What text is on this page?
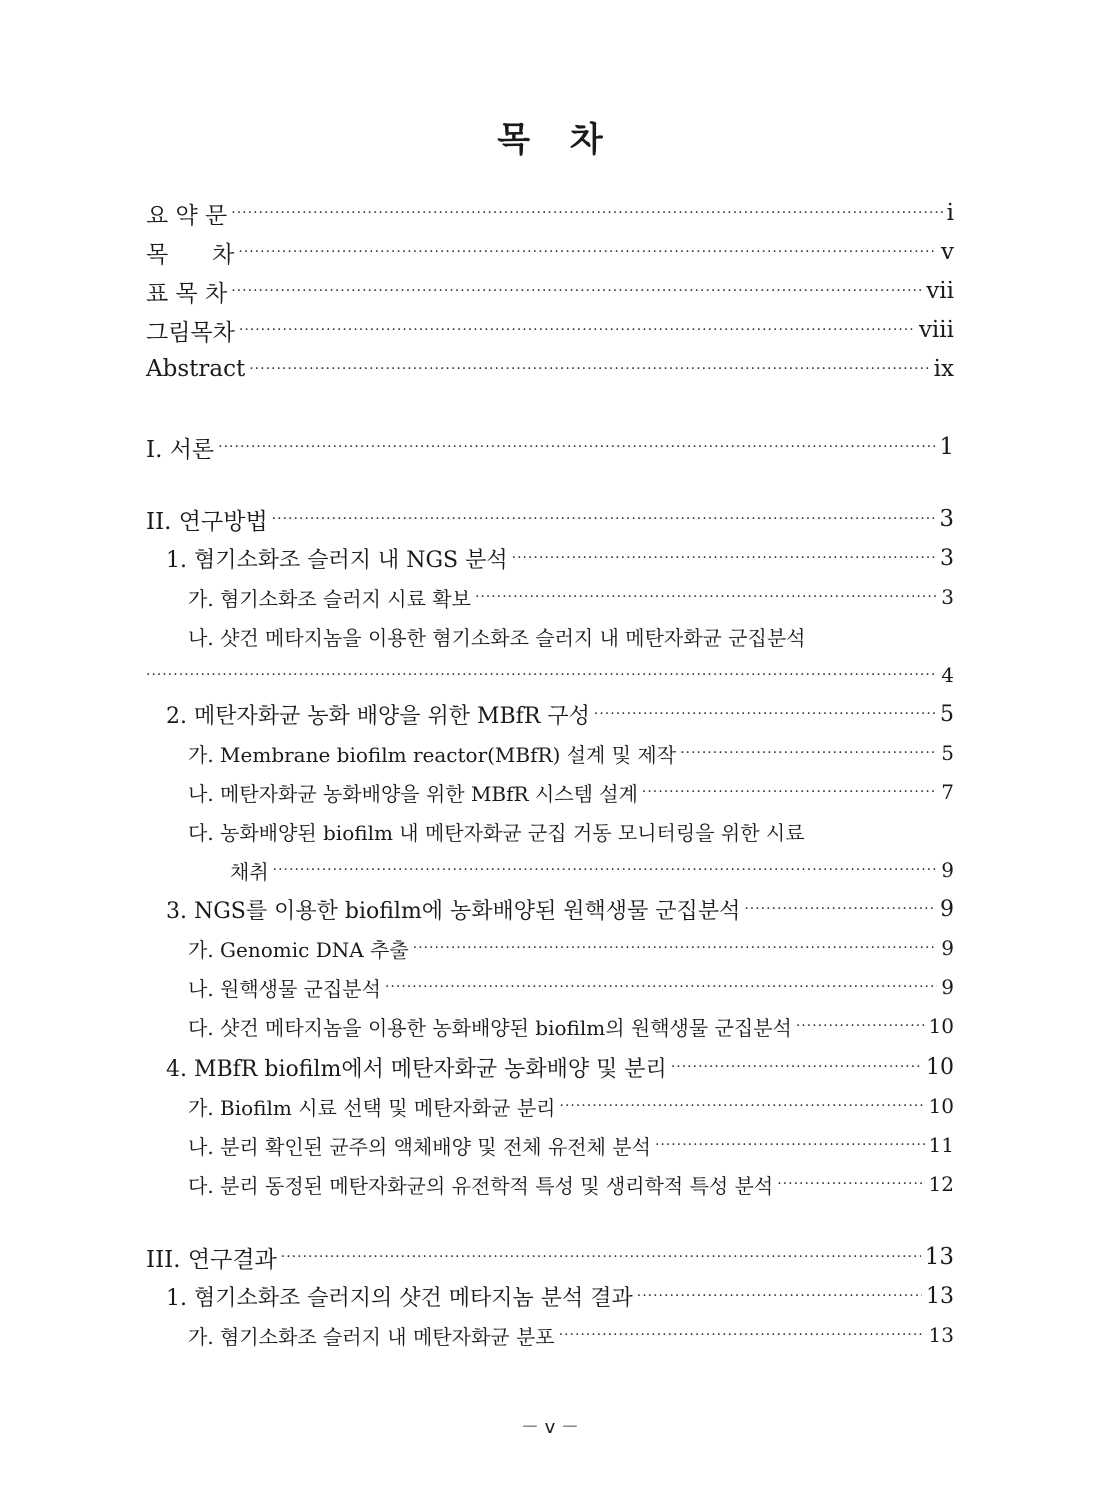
목 차
요 약 문 ·····	i
목      차 ·····	v
표 목 차 ·····	vii
그림목차 ·····	viii
Abstract ·····	ix
I. 서론 ·····	1
II. 연구방법 ·····	3
1. 혐기소화조 슬러지 내 NGS 분석 ·····	3
가. 혐기소화조 슬러지 시료 확보 ·····	3
나. 샷건 메타지놈을 이용한 혐기소화조 슬러지 내 메탄자화균 군집분석
·····
4
2. 메탄자화균 농화 배양을 위한 MBfR 구성 ·····	5
가. Membrane biofilm reactor(MBfR) 설계 및 제작 ·····	5
나. 메탄자화균 농화배양을 위한 MBfR 시스템 설계 ·····	7
다. 농화배양된 biofilm 내 메탄자화균 군집 거동 모니터링을 위한 시료
채취 ·····	9
3. NGS를 이용한 biofilm에 농화배양된 원핵생물 군집분석 ·····	9
가. Genomic DNA 추출 ·····	9
나. 원핵생물 군집분석 ·····	9
다. 샷건 메타지놈을 이용한 농화배양된 biofilm의 원핵생물 군집분석 ·····	10
4. MBfR biofilm에서 메탄자화균 농화배양 및 분리 ·····	10
가. Biofilm 시료 선택 및 메탄자화균 분리 ·····	10
나. 분리 확인된 균주의 액체배양 및 전체 유전체 분석 ·····	11
다. 분리 동정된 메탄자화균의 유전학적 특성 및 생리학적 특성 분석 ·····	12
III. 연구결과 ·····	13
1. 혐기소화조 슬러지의 샷건 메타지놈 분석 결과 ·····	13
가. 혐기소화조 슬러지 내 메탄자화균 분포 ·····	13
－ v －
